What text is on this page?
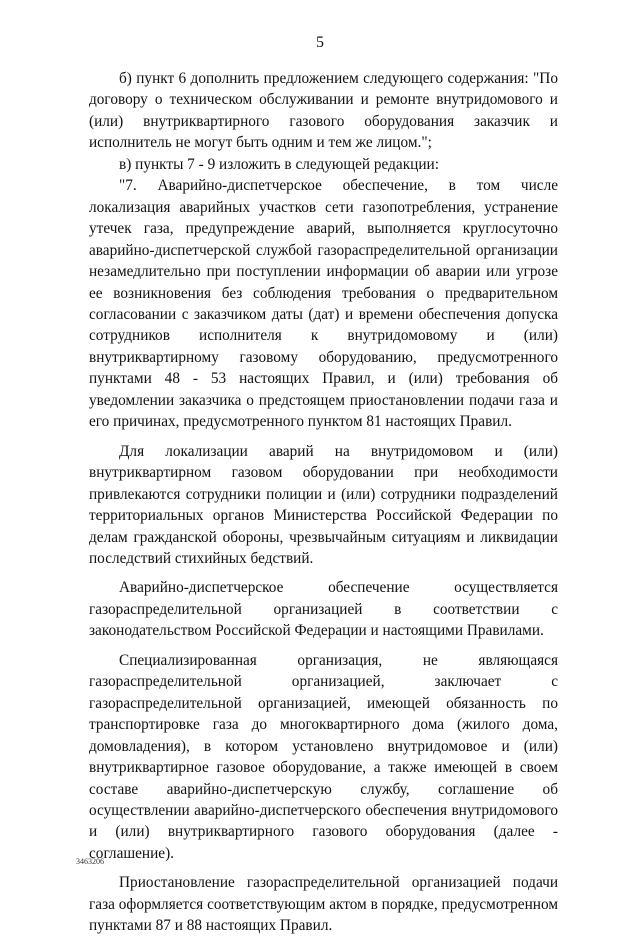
5

б) пункт 6 дополнить предложением следующего содержания: "По договору о техническом обслуживании и ремонте внутридомового и (или) внутриквартирного газового оборудования заказчик и исполнитель не могут быть одним и тем же лицом.";

в) пункты 7 - 9 изложить в следующей редакции:

"7. Аварийно-диспетчерское обеспечение, в том числе локализация аварийных участков сети газопотребления, устранение утечек газа, предупреждение аварий, выполняется круглосуточно аварийно-диспетчерской службой газораспределительной организации незамедлительно при поступлении информации об аварии или угрозе ее возникновения без соблюдения требования о предварительном согласовании с заказчиком даты (дат) и времени обеспечения допуска сотрудников исполнителя к внутридомовому и (или) внутриквартирному газовому оборудованию, предусмотренного пунктами 48 - 53 настоящих Правил, и (или) требования об уведомлении заказчика о предстоящем приостановлении подачи газа и его причинах, предусмотренного пунктом 81 настоящих Правил.

Для локализации аварий на внутридомовом и (или) внутриквартирном газовом оборудовании при необходимости привлекаются сотрудники полиции и (или) сотрудники подразделений территориальных органов Министерства Российской Федерации по делам гражданской обороны, чрезвычайным ситуациям и ликвидации последствий стихийных бедствий.

Аварийно-диспетчерское обеспечение осуществляется газораспределительной организацией в соответствии с законодательством Российской Федерации и настоящими Правилами.

Специализированная организация, не являющаяся газораспределительной организацией, заключает с газораспределительной организацией, имеющей обязанность по транспортировке газа до многоквартирного дома (жилого дома, домовладения), в котором установлено внутридомовое и (или) внутриквартирное газовое оборудование, а также имеющей в своем составе аварийно-диспетчерскую службу, соглашение об осуществлении аварийно-диспетчерского обеспечения внутридомового и (или) внутриквартирного газового оборудования (далее - соглашение).

Приостановление газораспределительной организацией подачи газа оформляется соответствующим актом в порядке, предусмотренном пунктами 87 и 88 настоящих Правил.

3463206
